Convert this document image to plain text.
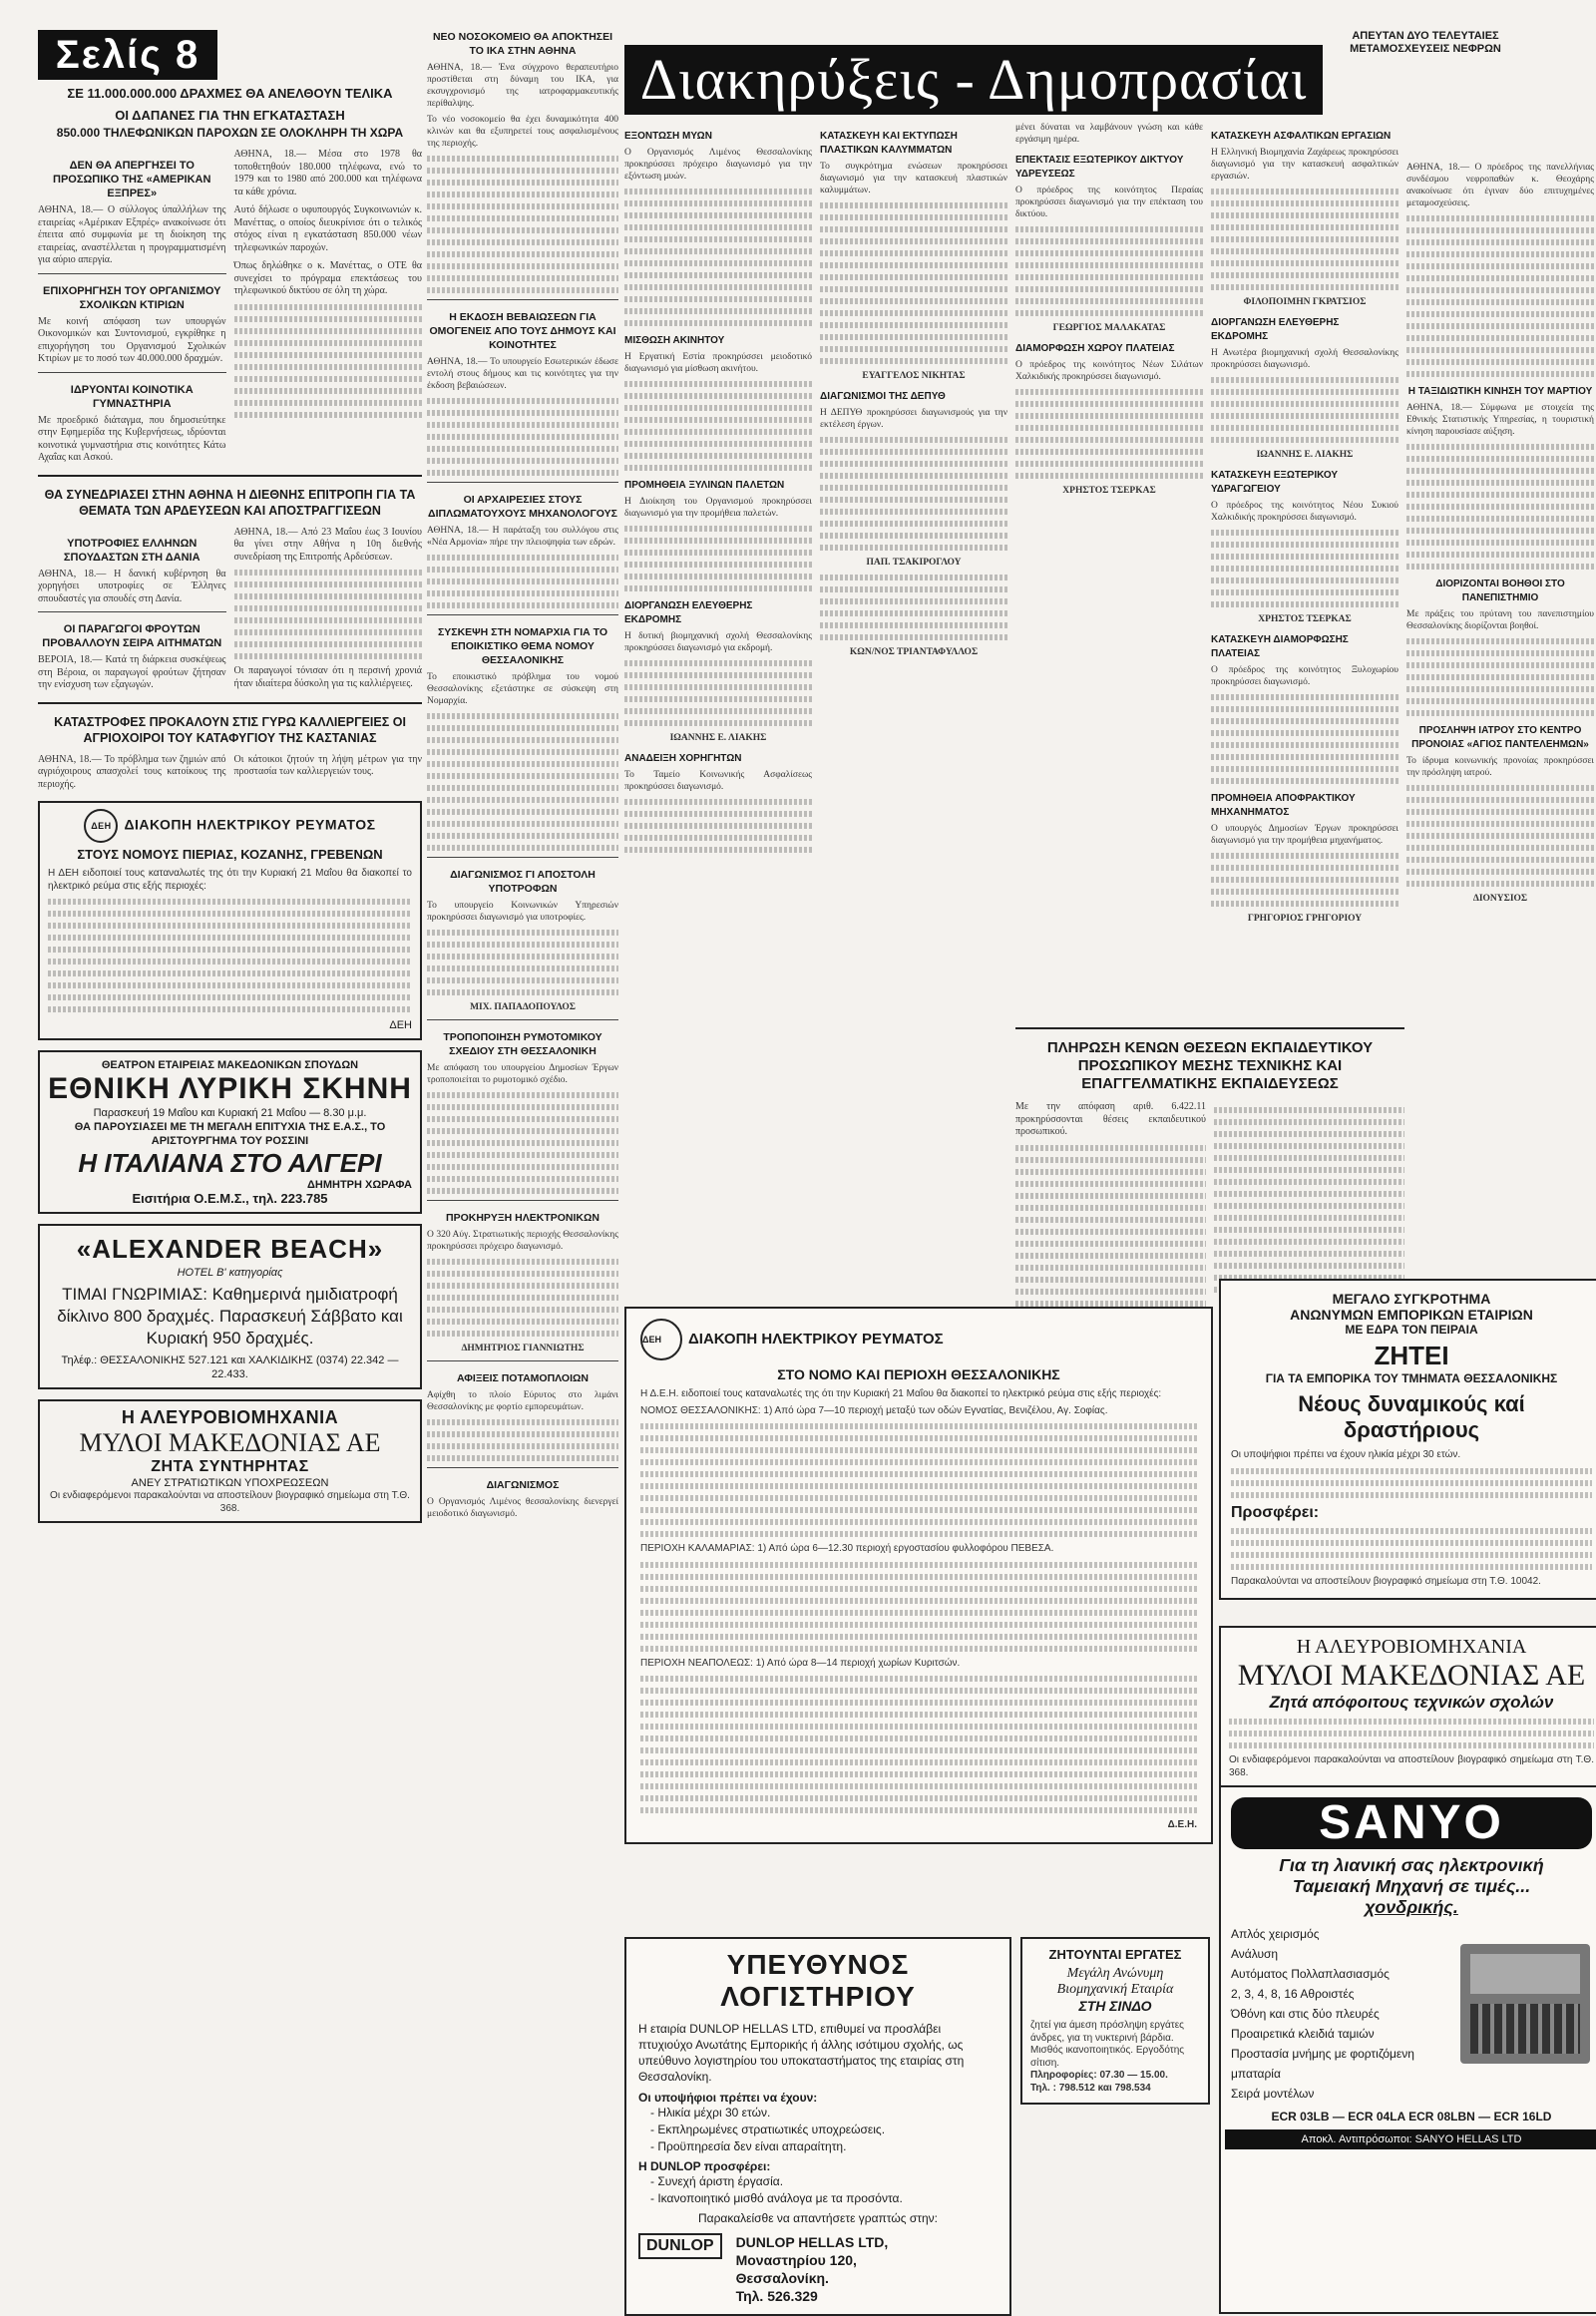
Σελίς 8
ΣΕ 11.000.000.000 ΔΡΑΧΜΕΣ ΘΑ ΑΝΕΛΘΟΥΝ ΤΕΛΙΚΑ
ΟΙ ΔΑΠΑΝΕΣ ΓΙΑ ΤΗΝ ΕΓΚΑΤΑΣΤΑΣΗ
850.000 ΤΗΛΕΦΩΝΙΚΩΝ ΠΑΡΟΧΩΝ ΣΕ ΟΛΟΚΛΗΡΗ ΤΗ ΧΩΡΑ
ΔΕΝ ΘΑ ΑΠΕΡΓΗΣΕΙ ΤΟ ΠΡΟΣΩΠΙΚΟ ΤΗΣ «ΑΜΕΡΙΚΑΝ ΕΞΠΡΕΣ»
ΑΘΗΝΑ, 18.— Ο σύλλογος ύπαλλήλων της εταιρείας «Αμέρικαν Εξπρές» ανακοίνωσε ότι έπειτα από συμφωνία με τη διοίκηση της εταιρείας, αναστέλλεται η προγραμματισμένη για αύριο απεργία.
ΕΠΙΧΟΡΗΓΗΣΗ ΤΟΥ ΟΡΓΑΝΙΣΜΟΥ ΣΧΟΛΙΚΩΝ ΚΤΙΡΙΩΝ
Με κοινή απόφαση των υπουργών Οικονομικών και Συντονισμού, εγκρίθηκε η επιχορήγηση του Οργανισμού Σχολικών Κτιρίων με το ποσό των 40.000.000 δραχμών.
ΙΔΡΥΟΝΤΑΙ ΚΟΙΝΟΤΙΚΑ ΓΥΜΝΑΣΤΗΡΙΑ
Με προεδρικό διάταγμα, που δημοσιεύτηκε στην Εφημερίδα της Κυβερνήσεως, ιδρύονται κοινοτικά γυμναστήρια στις κοινότητες Κάτω Αχαΐας και Ασκού.
ΑΘΗΝΑ, 18.— Μέσα στο 1978 θα τοποθετηθούν 180.000 τηλέφωνα, ενώ το 1979 και το 1980 από 200.000 και τηλέφωνα τα κάθε χρόνια.
Αυτό δήλωσε ο υφυπουργός Συγκοινωνιών κ. Μανέττας, ο οποίος διευκρίνισε ότι ο τελικός στόχος είναι η εγκατάσταση 850.000 νέων τηλεφωνικών παροχών.
Όπως δηλώθηκε ο κ. Μανέττας, ο ΟΤΕ θα συνεχίσει το πρόγραμα επεκτάσεως του τηλεφωνικού δικτύου σε όλη τη χώρα.
ΘΑ ΣΥΝΕΔΡΙΑΣΕΙ ΣΤΗΝ ΑΘΗΝΑ Η ΔΙΕΘΝΗΣ ΕΠΙΤΡΟΠΗ ΓΙΑ ΤΑ ΘΕΜΑΤΑ ΤΩΝ ΑΡΔΕΥΣΕΩΝ ΚΑΙ ΑΠΟΣΤΡΑΓΓΙΣΕΩΝ
ΥΠΟΤΡΟΦΙΕΣ ΕΛΛΗΝΩΝ ΣΠΟΥΔΑΣΤΩΝ ΣΤΗ ΔΑΝΙΑ
ΑΘΗΝΑ, 18.— Η δανική κυβέρνηση θα χορηγήσει υποτροφίες σε Έλληνες σπουδαστές για σπουδές στη Δανία.
ΟΙ ΠΑΡΑΓΩΓΟΙ ΦΡΟΥΤΩΝ ΠΡΟΒΑΛΛΟΥΝ ΣΕΙΡΑ ΑΙΤΗΜΑΤΩΝ
ΒΕΡΟΙΑ, 18.— Κατά τη διάρκεια συσκέψεως στη Βέροια, οι παραγωγοί φρούτων ζήτησαν την ενίσχυση των εξαγωγών.
ΑΘΗΝΑ, 18.— Από 23 Μαΐου έως 3 Ιουνίου θα γίνει στην Αθήνα η 10η διεθνής συνεδρίαση της Επιτροπής Αρδεύσεων.
Οι παραγωγοί τόνισαν ότι η περσινή χρονιά ήταν ιδιαίτερα δύσκολη για τις καλλιέργειες.
ΚΑΤΑΣΤΡΟΦΕΣ ΠΡΟΚΑΛΟΥΝ ΣΤΙΣ ΓΥΡΩ ΚΑΛΛΙΕΡΓΕΙΕΣ ΟΙ ΑΓΡΙΟΧΟΙΡΟΙ ΤΟΥ ΚΑΤΑΦΥΓΙΟΥ ΤΗΣ ΚΑΣΤΑΝΙΑΣ
ΑΘΗΝΑ, 18.— Το πρόβλημα των ζημιών από αγριόχοιρους απασχολεί τους κατοίκους της περιοχής.
Οι κάτοικοι ζητούν τη λήψη μέτρων για την προστασία των καλλιεργειών τους.
ΔΕΗ ΔΙΑΚΟΠΗ ΗΛΕΚΤΡΙΚΟΥ ΡΕΥΜΑΤΟΣ
ΣΤΟΥΣ ΝΟΜΟΥΣ ΠΙΕΡΙΑΣ, ΚΟΖΑΝΗΣ, ΓΡΕΒΕΝΩΝ
Η ΔΕΗ ειδοποιεί τους καταναλωτές της ότι την Κυριακή 21 Μαΐου θα διακοπεί το ηλεκτρικό ρεύμα στις εξής περιοχές:
ΔΕΗ
ΘΕΑΤΡΟΝ ΕΤΑΙΡΕΙΑΣ ΜΑΚΕΔΟΝΙΚΩΝ ΣΠΟΥΔΩΝ
ΕΘΝΙΚΗ ΛΥΡΙΚΗ ΣΚΗΝΗ
Παρασκευή 19 Μαΐου και Κυριακή 21 Μαΐου — 8.30 μ.μ.
ΘΑ ΠΑΡΟΥΣΙΑΣΕΙ ΜΕ ΤΗ ΜΕΓΑΛΗ ΕΠΙΤΥΧΙΑ ΤΗΣ Ε.Α.Σ., ΤΟ ΑΡΙΣΤΟΥΡΓΗΜΑ ΤΟΥ ΡΟΣΣΙΝΙ
Η ΙΤΑΛΙΑΝΑ ΣΤΟ ΑΛΓΕΡΙ
ΔΗΜΗΤΡΗ ΧΩΡΑΦΑ
Εισιτήρια Ο.Ε.Μ.Σ., τηλ. 223.785
«ALEXANDER BEACH»
HOTEL B' κατηγορίας
ΤΙΜΑΙ ΓΝΩΡΙΜΙΑΣ: Καθημερινά ημιδιατροφή δίκλινο 800 δραχμές. Παρασκευή Σάββατο και Κυριακή 950 δραχμές.
Τηλέφ.: ΘΕΣΣΑΛΟΝΙΚΗΣ 527.121 και ΧΑΛΚΙΔΙΚΗΣ (0374) 22.342 — 22.433.
Η ΑΛΕΥΡΟΒΙΟΜΗΧΑΝΙΑ
ΜΥΛΟΙ ΜΑΚΕΔΟΝΙΑΣ ΑΕ
ΖΗΤΑ ΣΥΝΤΗΡΗΤΑΣ
ΑΝΕΥ ΣΤΡΑΤΙΩΤΙΚΩΝ ΥΠΟΧΡΕΩΣΕΩΝ
Οι ενδιαφερόμενοι παρακαλούνται να αποστείλουν βιογραφικό σημείωμα στη Τ.Θ. 368.
ΝΕΟ ΝΟΣΟΚΟΜΕΙΟ ΘΑ ΑΠΟΚΤΗΣΕΙ ΤΟ ΙΚΑ ΣΤΗΝ ΑΘΗΝΑ
ΑΘΗΝΑ, 18.— Ένα σύγχρονο θεραπευτήριο προστίθεται στη δύναμη του ΙΚΑ, για εκσυγχρονισμό της ιατροφαρμακευτικής περίθαλψης.
Το νέο νοσοκομείο θα έχει δυναμικότητα 400 κλινών και θα εξυπηρετεί τους ασφαλισμένους της περιοχής.
Η ΕΚΔΟΣΗ ΒΕΒΑΙΩΣΕΩΝ ΓΙΑ ΟΜΟΓΕΝΕΙΣ ΑΠΟ ΤΟΥΣ ΔΗΜΟΥΣ ΚΑΙ ΚΟΙΝΟΤΗΤΕΣ
ΑΘΗΝΑ, 18.— Το υπουργείο Εσωτερικών έδωσε εντολή στους δήμους και τις κοινότητες για την έκδοση βεβαιώσεων.
ΟΙ ΑΡΧΑΙΡΕΣΙΕΣ ΣΤΟΥΣ ΔΙΠΛΩΜΑΤΟΥΧΟΥΣ ΜΗΧΑΝΟΛΟΓΟΥΣ
ΑΘΗΝΑ, 18.— Η παράταξη του συλλόγου στις «Νέα Αρμονία» πήρε την πλειοψηφία των εδρών.
ΣΥΣΚΕΨΗ ΣΤΗ ΝΟΜΑΡΧΙΑ ΓΙΑ ΤΟ ΕΠΟΙΚΙΣΤΙΚΟ ΘΕΜΑ ΝΟΜΟΥ ΘΕΣΣΑΛΟΝΙΚΗΣ
Το εποικιστικό πρόβλημα του νομού Θεσσαλονίκης εξετάστηκε σε σύσκεψη στη Νομαρχία.
ΔΙΑΓΩΝΙΣΜΟΣ ΓΙ ΑΠΟΣΤΟΛΗ ΥΠΟΤΡΟΦΩΝ
Το υπουργείο Κοινωνικών Υπηρεσιών προκηρύσσει διαγωνισμό για υποτροφίες.
ΜΙΧ. ΠΑΠΑΔΟΠΟΥΛΟΣ
ΤΡΟΠΟΠΟΙΗΣΗ ΡΥΜΟΤΟΜΙΚΟΥ ΣΧΕΔΙΟΥ ΣΤΗ ΘΕΣΣΑΛΟΝΙΚΗ
Με απόφαση του υπουργείου Δημοσίων Έργων τροποποιείται το ρυμοτομικό σχέδιο.
ΠΡΟΚΗΡΥΞΗ ΗΛΕΚΤΡΟΝΙΚΩΝ
Ο 320 Αύγ. Στρατιωτικής περιοχής Θεσσαλονίκης προκηρύσσει πρόχειρο διαγωνισμό.
ΔΗΜΗΤΡΙΟΣ ΓΙΑΝΝΙΩΤΗΣ
ΑΦΙΞΕΙΣ ΠΟΤΑΜΟΠΛΟΙΩΝ
Αφίχθη το πλοίο Εύρυτος στο λιμάνι Θεσσαλονίκης με φορτίο εμπορευμάτων.
ΔΙΑΓΩΝΙΣΜΟΣ
Ο Οργανισμός Λιμένος θεσσαλονίκης διενεργεί μειοδοτικό διαγωνισμό.
Διακηρύξεις - Δημοπρασίαι
ΑΠΕΥΤΑΝ ΔΥΟ ΤΕΛΕΥΤΑΙΕΣ ΜΕΤΑΜΟΣΧΕΥΣΕΙΣ ΝΕΦΡΩΝ
ΕΞΟΝΤΩΣΗ ΜΥΩΝ
Ο Οργανισμός Λιμένος Θεσσαλονίκης προκηρύσσει πρόχειρο διαγωνισμό για την εξόντωση μυών.
ΜΙΣΘΩΣΗ ΑΚΙΝΗΤΟΥ
Η Εργατική Εστία προκηρύσσει μειοδοτικό διαγωνισμό για μίσθωση ακινήτου.
ΠΡΟΜΗΘΕΙΑ ΞΥΛΙΝΩΝ ΠΑΛΕΤΩΝ
Η Διοίκηση του Οργανισμού προκηρύσσει διαγωνισμό για την προμήθεια παλετών.
ΔΙΟΡΓΑΝΩΣΗ ΕΛΕΥΘΕΡΗΣ ΕΚΔΡΟΜΗΣ
Η δυτική βιομηχανική σχολή Θεσσαλονίκης προκηρύσσει διαγωνισμό για εκδρομή.
ΙΩΑΝΝΗΣ Ε. ΛΙΑΚΗΣ
ΑΝΑΔΕΙΞΗ ΧΟΡΗΓΗΤΩΝ
Το Ταμείο Κοινωνικής Ασφαλίσεως προκηρύσσει διαγωνισμό.
ΚΑΤΑΣΚΕΥΗ ΚΑΙ ΕΚΤΥΠΩΣΗ ΠΛΑΣΤΙΚΩΝ ΚΑΛΥΜΜΑΤΩΝ
Το συγκρότημα ενώσεων προκηρύσσει διαγωνισμό για την κατασκευή πλαστικών καλυμμάτων.
ΕΥΑΓΓΕΛΟΣ ΝΙΚΗΤΑΣ
ΔΙΑΓΩΝΙΣΜΟΙ ΤΗΣ ΔΕΠΥΘ
Η ΔΕΠΥΘ προκηρύσσει διαγωνισμούς για την εκτέλεση έργων.
ΠΑΠ. ΤΣΑΚΙΡΟΓΛΟΥ
ΚΩΝ/ΝΟΣ ΤΡΙΑΝΤΑΦΥΛΛΟΣ
μένει δύναται να λαμβάνουν γνώση και κάθε εργάσιμη ημέρα.
ΕΠΕΚΤΑΣΙΣ ΕΞΩΤΕΡΙΚΟΥ ΔΙΚΤΥΟΥ ΥΔΡΕΥΣΕΩΣ
Ο πρόεδρος της κοινότητος Περαίας προκηρύσσει διαγωνισμό για την επέκταση του δικτύου.
ΓΕΩΡΓΙΟΣ ΜΑΛΑΚΑΤΑΣ
ΔΙΑΜΟΡΦΩΣΗ ΧΩΡΟΥ ΠΛΑΤΕΙΑΣ
Ο πρόεδρος της κοινότητος Νέων Σιλάτων Χαλκιδικής προκηρύσσει διαγωνισμό.
ΧΡΗΣΤΟΣ ΤΣΕΡΚΑΣ
ΚΑΤΑΣΚΕΥΗ ΑΣΦΑΛΤΙΚΩΝ ΕΡΓΑΣΙΩΝ
Η Ελληνική Βιομηχανία Ζαχάρεως προκηρύσσει διαγωνισμό για την κατασκευή ασφαλτικών εργασιών.
ΦΙΛΟΠΟΙΜΗΝ ΓΚΡΑΤΣΙΟΣ
ΔΙΟΡΓΑΝΩΣΗ ΕΛΕΥΘΕΡΗΣ ΕΚΔΡΟΜΗΣ
Η Ανωτέρα βιομηχανική σχολή Θεσσαλονίκης προκηρύσσει διαγωνισμό.
ΙΩΑΝΝΗΣ Ε. ΛΙΑΚΗΣ
ΚΑΤΑΣΚΕΥΗ ΕΞΩΤΕΡΙΚΟΥ ΥΔΡΑΓΩΓΕΙΟΥ
Ο πρόεδρος της κοινότητος Νέου Συκιού Χαλκιδικής προκηρύσσει διαγωνισμό.
ΧΡΗΣΤΟΣ ΤΣΕΡΚΑΣ
ΚΑΤΑΣΚΕΥΗ ΔΙΑΜΟΡΦΩΣΗΣ ΠΛΑΤΕΙΑΣ
Ο πρόεδρος της κοινότητος Ξυλοχωρίου προκηρύσσει διαγωνισμό.
ΠΡΟΜΗΘΕΙΑ ΑΠΟΦΡΑΚΤΙΚΟΥ ΜΗΧΑΝΗΜΑΤΟΣ
Ο υπουργός Δημοσίων Έργων προκηρύσσει διαγωνισμό για την προμήθεια μηχανήματος.
ΓΡΗΓΟΡΙΟΣ ΓΡΗΓΟΡΙΟΥ
ΑΘΗΝΑ, 18.— Ο πρόεδρος της πανελλήνιας συνδέσμου νεφροπαθών κ. Θεοχάρης ανακοίνωσε ότι έγιναν δύο επιτυχημένες μεταμοσχεύσεις.
Η ΤΑΞΙΔΙΩΤΙΚΗ ΚΙΝΗΣΗ ΤΟΥ ΜΑΡΤΙΟΥ
ΑΘΗΝΑ, 18.— Σύμφωνα με στοιχεία της Εθνικής Στατιστικής Υπηρεσίας, η τουριστική κίνηση παρουσίασε αύξηση.
ΔΙΟΡΙΖΟΝΤΑΙ ΒΟΗΘΟΙ ΣΤΟ ΠΑΝΕΠΙΣΤΗΜΙΟ
Με πράξεις του πρύτανη του πανεπιστημίου Θεσσαλονίκης διορίζονται βοηθοί.
ΠΡΟΣΛΗΨΗ ΙΑΤΡΟΥ ΣΤΟ ΚΕΝΤΡΟ ΠΡΟΝΟΙΑΣ «ΑΓΙΟΣ ΠΑΝΤΕΛΕΗΜΩΝ»
Το ίδρυμα κοινωνικής προνοίας προκηρύσσει την πρόσληψη ιατρού.
ΔΙΟΝΥΣΙΟΣ
ΠΛΗΡΩΣΗ ΚΕΝΩΝ ΘΕΣΕΩΝ ΕΚΠΑΙΔΕΥΤΙΚΟΥ ΠΡΟΣΩΠΙΚΟΥ ΜΕΣΗΣ ΤΕΧΝΙΚΗΣ ΚΑΙ ΕΠΑΓΓΕΛΜΑΤΙΚΗΣ ΕΚΠΑΙΔΕΥΣΕΩΣ
Με την απόφαση αριθ. 6.422.11 προκηρύσσονται θέσεις εκπαιδευτικού προσωπικού.
ΔΕΗ ΔΙΑΚΟΠΗ ΗΛΕΚΤΡΙΚΟΥ ΡΕΥΜΑΤΟΣ
ΣΤΟ ΝΟΜΟ ΚΑΙ ΠΕΡΙΟΧΗ ΘΕΣΣΑΛΟΝΙΚΗΣ
Η Δ.Ε.Η. ειδοποιεί τους καταναλωτές της ότι την Κυριακή 21 Μαΐου θα διακοπεί το ηλεκτρικό ρεύμα στις εξής περιοχές:
ΝΟΜΟΣ ΘΕΣΣΑΛΟΝΙΚΗΣ: 1) Από ώρα 7—10 περιοχή μεταξύ των οδών Εγνατίας, Βενιζέλου, Αγ. Σοφίας.
ΠΕΡΙΟΧΗ ΚΑΛΑΜΑΡΙΑΣ: 1) Από ώρα 6—12.30 περιοχή εργοστασίου φυλλοφόρου ΠΕΒΕΣΑ.
ΠΕΡΙΟΧΗ ΝΕΑΠΟΛΕΩΣ: 1) Από ώρα 8—14 περιοχή χωρίων Κυριτσών.
Δ.Ε.Η.
ΖΗΤΟΥΝΤΑΙ ΕΡΓΑΤΕΣ
Μεγάλη Ανώνυμη
Βιομηχανική Εταιρία
ΣΤΗ ΣΙΝΔΟ
ζητεί για άμεση πρόσληψη εργάτες άνδρες, για τη νυκτερινή βάρδια.
Μισθός ικανοποιητικός. Εργοδότης σίτιση.
Πληροφορίες: 07.30 — 15.00.
Τηλ. : 798.512 και 798.534
ΥΠΕΥΘΥΝΟΣ ΛΟΓΙΣΤΗΡΙΟΥ
Η εταιρία DUNLOP HELLAS LTD, επιθυμεί να προσλάβει πτυχιούχο Ανωτάτης Εμπορικής ή άλλης ισότιμου σχολής, ως υπεύθυνο λογιστηρίου του υποκαταστήματος της εταιρίας στη Θεσσαλονίκη.
Οι υποψήφιοι πρέπει να έχουν:
- Ηλικία μέχρι 30 ετών.
- Εκπληρωμένες στρατιωτικές υποχρεώσεις.
- Προϋπηρεσία δεν είναι απαραίτητη.
Η DUNLOP προσφέρει:
- Συνεχή άριστη έργασία.
- Ικανοποιητικό μισθό ανάλογα με τα προσόντα.
Παρακαλείσθε να απαντήσετε γραπτώς στην:
DUNLOP	DUNLOP HELLAS LTD,
Μοναστηρίου 120,
Θεσσαλονίκη.
Τηλ. 526.329
ΜΕΓΑΛΟ ΣΥΓΚΡΟΤΗΜΑ
ΑΝΩΝΥΜΩΝ ΕΜΠΟΡΙΚΩΝ ΕΤΑΙΡΙΩΝ
ΜΕ ΕΔΡΑ ΤΟΝ ΠΕΙΡΑΙΑ
ΖΗΤΕΙ
ΓΙΑ ΤΑ ΕΜΠΟΡΙΚΑ ΤΟΥ ΤΜΗΜΑΤΑ ΘΕΣΣΑΛΟΝΙΚΗΣ
Νέους δυναμικούς καί δραστήριους
Οι υποψήφιοι πρέπει να έχουν ηλικία μέχρι 30 ετών.
Προσφέρει:
Παρακαλούνται να αποστείλουν βιογραφικό σημείωμα στη Τ.Θ. 10042.
Η ΑΛΕΥΡΟΒΙΟΜΗΧΑΝΙΑ
ΜΥΛΟΙ ΜΑΚΕΔΟΝΙΑΣ ΑΕ
Ζητά απόφοιτους τεχνικών σχολών
Οι ενδιαφερόμενοι παρακαλούνται να αποστείλουν βιογραφικό σημείωμα στη Τ.Θ. 368.
SANYO
Για τη λιανική σας ηλεκτρονική
Ταμειακή Μηχανή σε τιμές...
χονδρικής.
Απλός χειρισμός
Ανάλυση
Αυτόματος Πολλαπλασιασμός
2, 3, 4, 8, 16 Αθροιστές
Όθόνη και στις δύο πλευρές
Προαιρετικά κλειδιά ταμιών
Προστασία μνήμης με φορτιζόμενη μπαταρία
Σειρά μοντέλων
ECR 03LB — ECR 04LA ECR 08LBN — ECR 16LD
Αποκλ. Αντιπρόσωποι: SANYO HELLAS LTD
